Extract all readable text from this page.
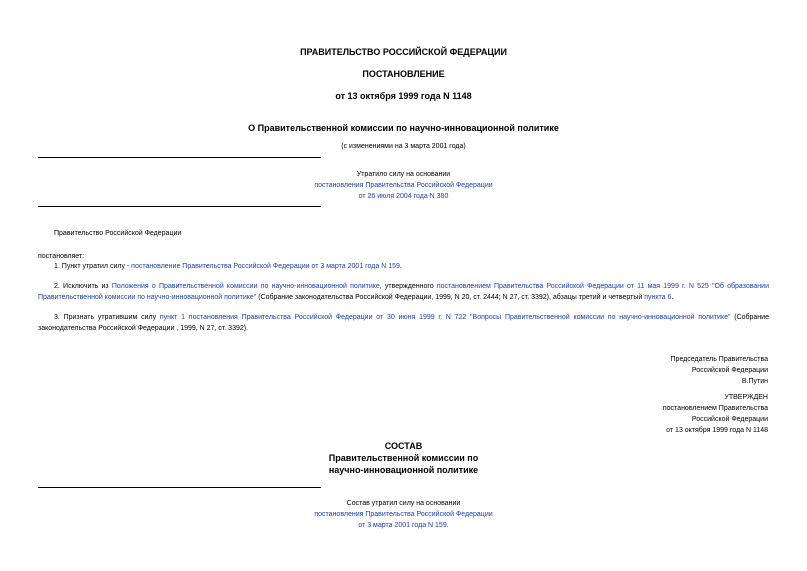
ПРАВИТЕЛЬСТВО РОССИЙСКОЙ ФЕДЕРАЦИИ
ПОСТАНОВЛЕНИЕ
от 13 октября 1999 года N 1148
О Правительственной комиссии по научно-инновационной политике
(с изменениями на 3 марта 2001 года)
Утратило силу на основании
постановления Правительства Российской Федерации
от 26 июля 2004 года N 380
Правительство Российской Федерации
постановляет:

1. Пункт утратил силу - постановление Правительства Российской Федерации от 3 марта 2001 года N 159.

2. Исключить из Положения о Правительственной комиссии по научно-инновационной политике, утвержденного постановлением Правительства Российской Федерации от 11 мая 1999 г. N 525 "Об образовании Правительственной комиссии по научно-инновационной политике" (Собрание законодательства Российской Федерации, 1999, N 20, ст. 2444; N 27, ст. 3392), абзацы третий и четвертый пункта 6.

3. Признать утратившим силу пункт 1 постановления Правительства Российской Федерации от 30 июня 1999 г. N 722 "Вопросы Правительственной комиссии по научно-инновационной политике" (Собрание законодательства Российской Федерации , 1999, N 27, ст. 3392).

Председатель Правительства
Российской Федерации
В.Путин
УТВЕРЖДЕН
постановлением Правительства
Российской Федерации
от 13 октября 1999 года N 1148
СОСТАВ
Правительственной комиссии по
научно-инновационной политике
Состав утратил силу на основании
постановления Правительства Российской Федерации
от 3 марта 2001 года N 159.
